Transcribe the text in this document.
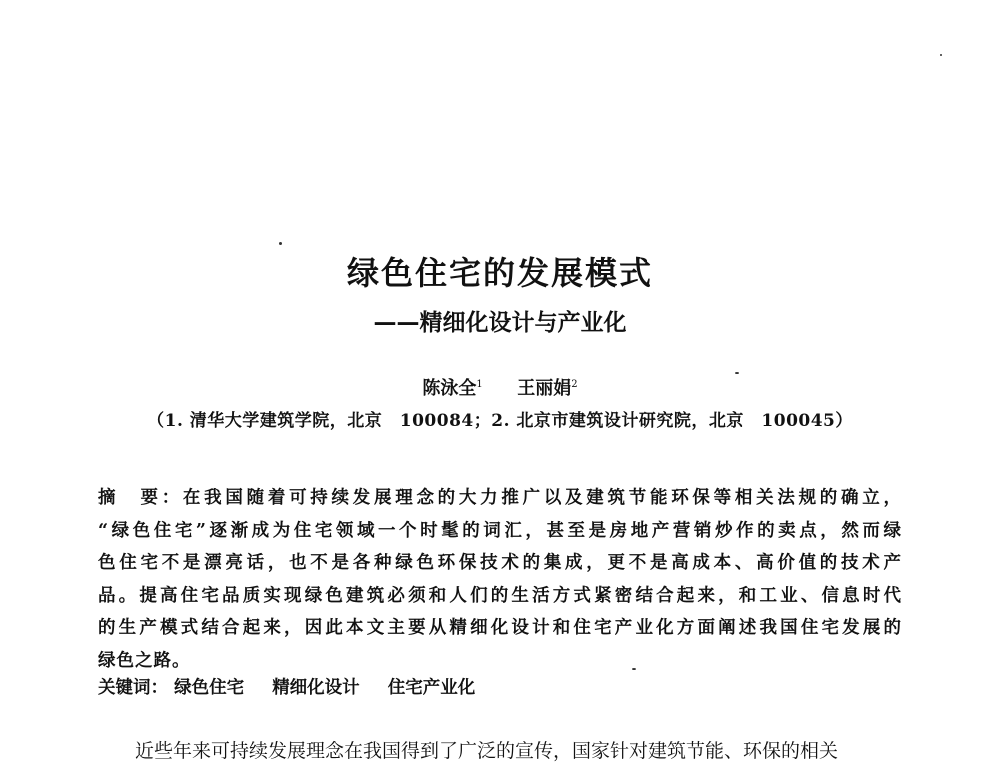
绿色住宅的发展模式
——精细化设计与产业化
陈泳全$^1$ 王丽娟$^2$
（1. 清华大学建筑学院，北京　100084；2. 北京市建筑设计研究院，北京　100045）
摘　要：在我国随着可持续发展理念的大力推广以及建筑节能环保等相关法规的确立，
“绿色住宅”逐渐成为住宅领域一个时髦的词汇，甚至是房地产营销炒作的卖点，然而绿
色住宅不是漂亮话，也不是各种绿色环保技术的集成，更不是高成本、高价值的技术产
品。提高住宅品质实现绿色建筑必须和人们的生活方式紧密结合起来，和工业、信息时代
的生产模式结合起来，因此本文主要从精细化设计和住宅产业化方面阐述我国住宅发展的
绿色之路。
关键词： 绿色住宅 精细化设计 住宅产业化
近些年来可持续发展理念在我国得到了广泛的宣传，国家针对建筑节能、环保的相关
